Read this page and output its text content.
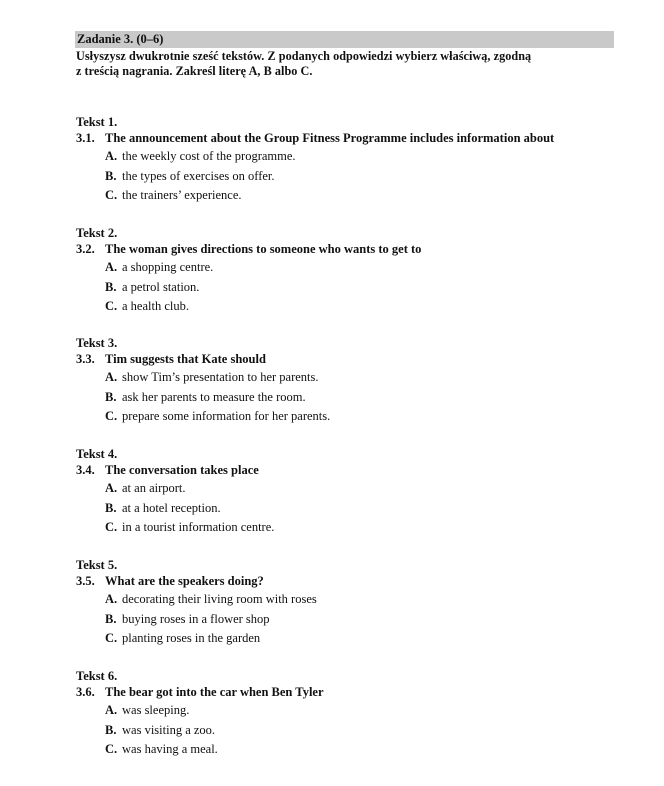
Zadanie 3. (0–6)
Usłyszysz dwukrotnie sześć tekstów. Z podanych odpowiedzi wybierz właściwą, zgodną
z treścią nagrania. Zakreśl literę A, B albo C.
Tekst 1.
3.1. The announcement about the Group Fitness Programme includes information about
A. the weekly cost of the programme.
B. the types of exercises on offer.
C. the trainers’ experience.
Tekst 2.
3.2. The woman gives directions to someone who wants to get to
A. a shopping centre.
B. a petrol station.
C. a health club.
Tekst 3.
3.3. Tim suggests that Kate should
A. show Tim’s presentation to her parents.
B. ask her parents to measure the room.
C. prepare some information for her parents.
Tekst 4.
3.4. The conversation takes place
A. at an airport.
B. at a hotel reception.
C. in a tourist information centre.
Tekst 5.
3.5. What are the speakers doing?
A. decorating their living room with roses
B. buying roses in a flower shop
C. planting roses in the garden
Tekst 6.
3.6. The bear got into the car when Ben Tyler
A. was sleeping.
B. was visiting a zoo.
C. was having a meal.
